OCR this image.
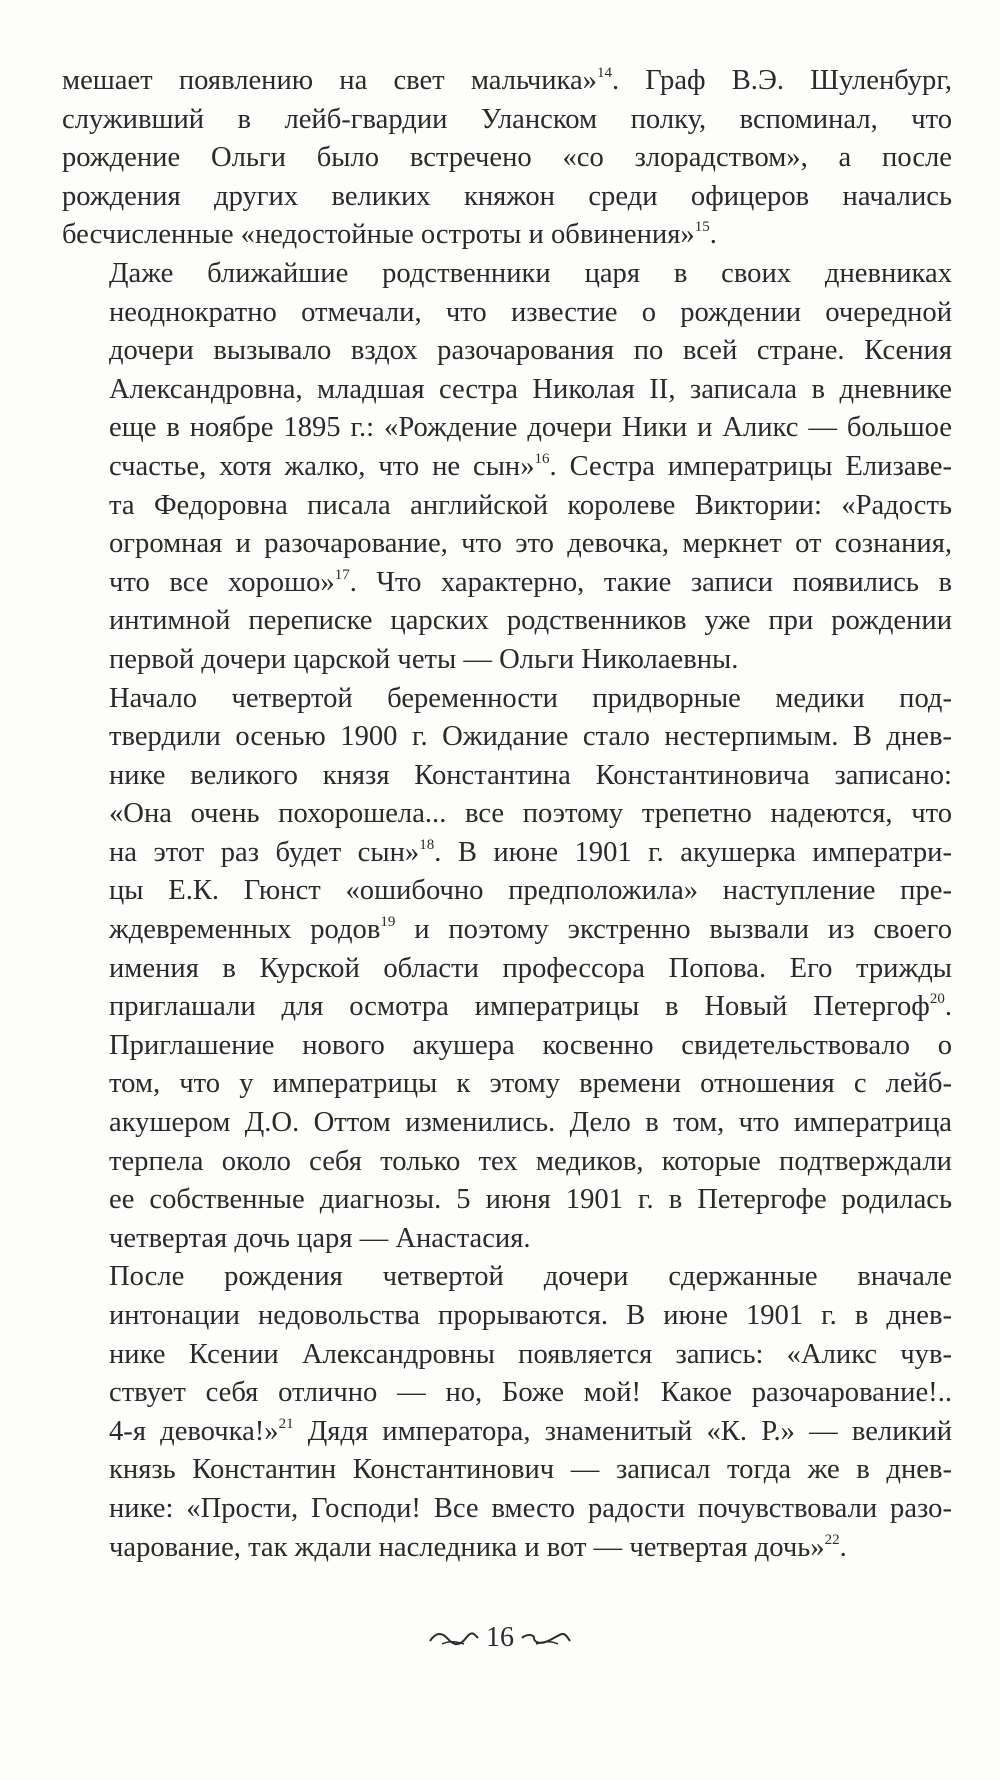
мешает появлению на свет мальчика»$^{14}$. Граф В.Э. Шуленбург,
служивший в лейб-гвардии Уланском полку, вспоминал, что
рождение Ольги было встречено «со злорадством», а после
рождения других великих княжон среди офицеров начались
бесчисленные «недостойные остроты и обвинения»$^{15}$.
Даже ближайшие родственники царя в своих дневниках
неоднократно отмечали, что известие о рождении очередной
дочери вызывало вздох разочарования по всей стране. Ксения
Александровна, младшая сестра Николая II, записала в дневнике
еще в ноябре 1895 г.: «Рождение дочери Ники и Аликс — большое
счастье, хотя жалко, что не сын»$^{16}$. Сестра императрицы Елизаве-
та Федоровна писала английской королеве Виктории: «Радость
огромная и разочарование, что это девочка, меркнет от сознания,
что все хорошо»$^{17}$. Что характерно, такие записи появились в
интимной переписке царских родственников уже при рождении
первой дочери царской четы — Ольги Николаевны.
Начало четвертой беременности придворные медики под-
твердили осенью 1900 г. Ожидание стало нестерпимым. В днев-
нике великого князя Константина Константиновича записано:
«Она очень похорошела... все поэтому трепетно надеются, что
на этот раз будет сын»$^{18}$. В июне 1901 г. акушерка императри-
цы Е.К. Гюнст «ошибочно предположила» наступление пре-
ждевременных родов$^{19}$ и поэтому экстренно вызвали из своего
имения в Курской области профессора Попова. Его трижды
приглашали для осмотра императрицы в Новый Петергоф$^{20}$.
Приглашение нового акушера косвенно свидетельствовало о
том, что у императрицы к этому времени отношения с лейб-
акушером Д.О. Оттом изменились. Дело в том, что императрица
терпела около себя только тех медиков, которые подтверждали
ее собственные диагнозы. 5 июня 1901 г. в Петергофе родилась
четвертая дочь царя — Анастасия.
После рождения четвертой дочери сдержанные вначале
интонации недовольства прорываются. В июне 1901 г. в днев-
нике Ксении Александровны появляется запись: «Аликс чув-
ствует себя отлично — но, Боже мой! Какое разочарование!..
4-я девочка!»$^{21}$ Дядя императора, знаменитый «К. Р.» — великий
князь Константин Константинович — записал тогда же в днев-
нике: «Прости, Господи! Все вместо радости почувствовали разо-
чарование, так ждали наследника и вот — четвертая дочь»$^{22}$.
16
